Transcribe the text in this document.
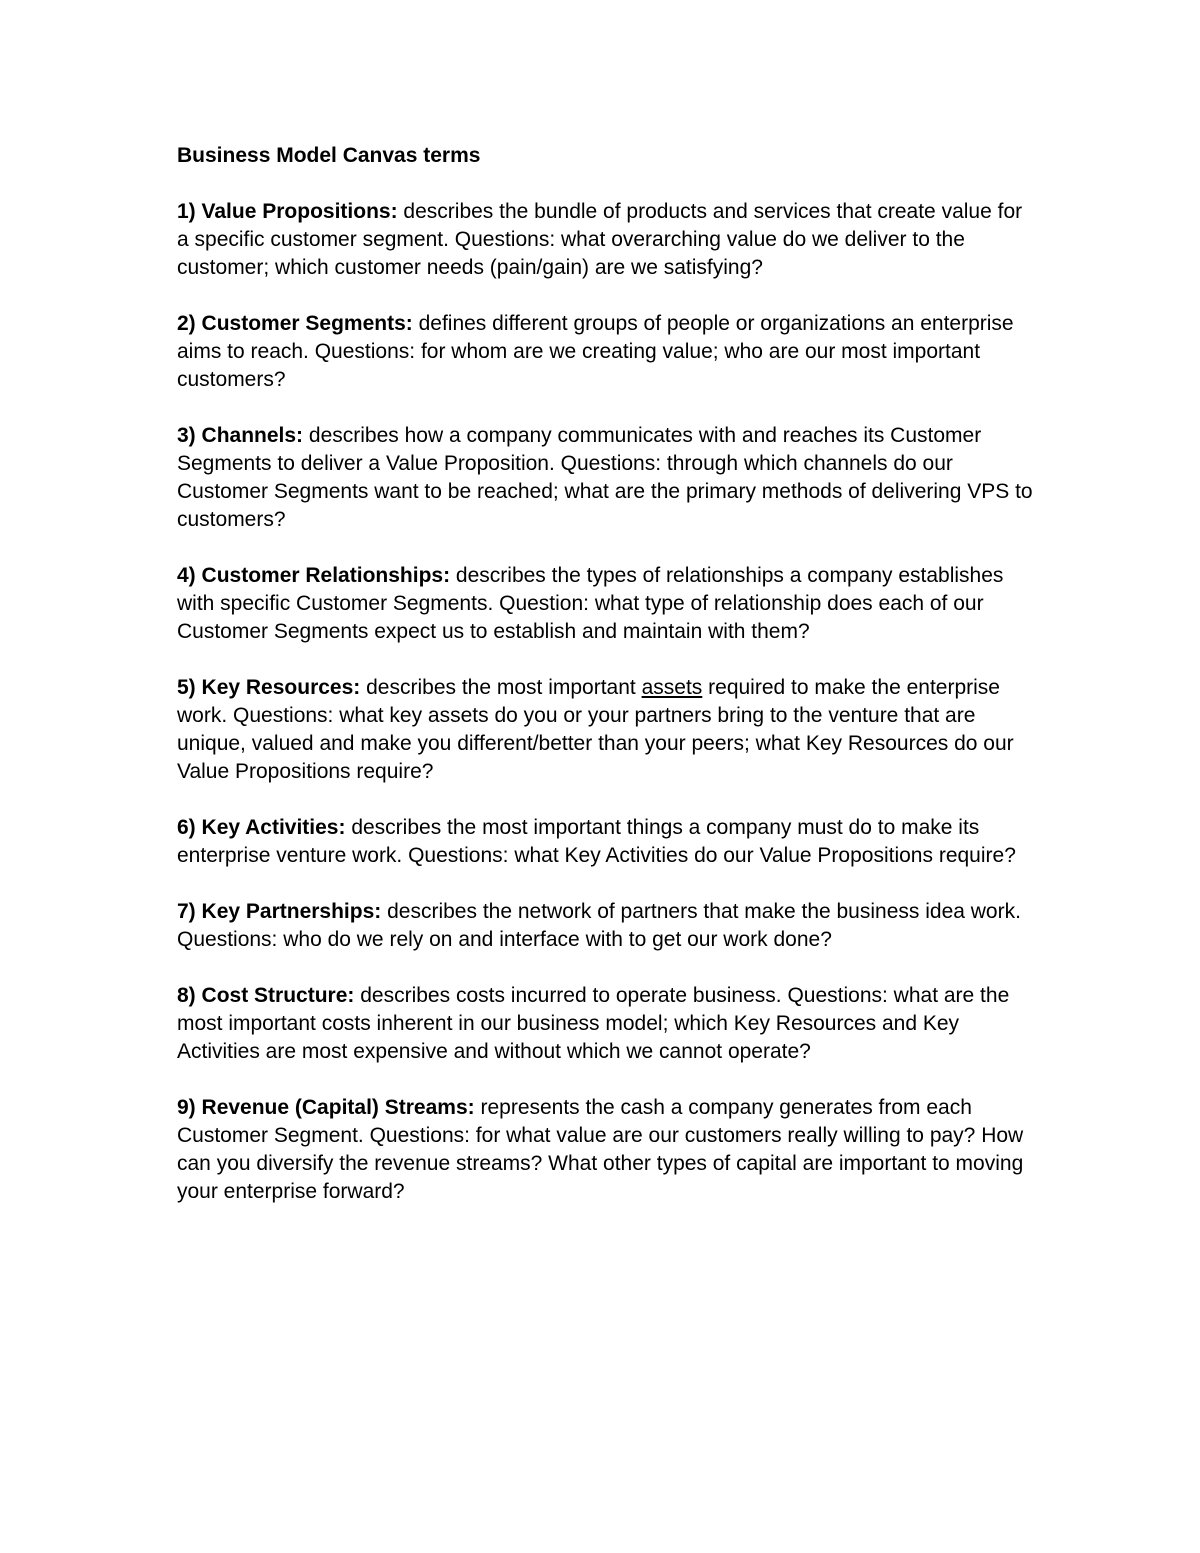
Business Model Canvas terms

1) Value Propositions: describes the bundle of products and services that create value for a specific customer segment. Questions: what overarching value do we deliver to the customer; which customer needs (pain/gain) are we satisfying?

2) Customer Segments: defines different groups of people or organizations an enterprise aims to reach. Questions: for whom are we creating value; who are our most important customers?

3) Channels: describes how a company communicates with and reaches its Customer Segments to deliver a Value Proposition. Questions: through which channels do our Customer Segments want to be reached; what are the primary methods of delivering VPS to customers?

4) Customer Relationships: describes the types of relationships a company establishes with specific Customer Segments. Question: what type of relationship does each of our Customer Segments expect us to establish and maintain with them?

5) Key Resources: describes the most important assets required to make the enterprise work. Questions: what key assets do you or your partners bring to the venture that are unique, valued and make you different/better than your peers; what Key Resources do our Value Propositions require?

6) Key Activities: describes the most important things a company must do to make its enterprise venture work. Questions: what Key Activities do our Value Propositions require?

7) Key Partnerships: describes the network of partners that make the business idea work. Questions: who do we rely on and interface with to get our work done?

8) Cost Structure: describes costs incurred to operate business. Questions: what are the most important costs inherent in our business model; which Key Resources and Key Activities are most expensive and without which we cannot operate?

9) Revenue (Capital) Streams: represents the cash a company generates from each Customer Segment. Questions: for what value are our customers really willing to pay? How can you diversify the revenue streams? What other types of capital are important to moving your enterprise forward?
